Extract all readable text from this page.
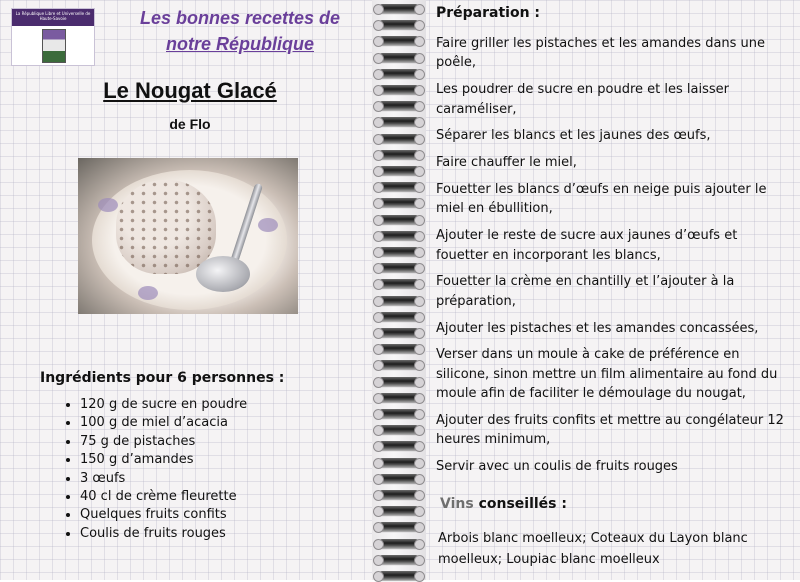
La République Libre et Universelle de Haute-Savoie	Les bonnes recettes de
notre République
Le Nougat Glacé
de Flo
Ingrédients pour 6 personnes :
• 120 g de sucre en poudre
• 100 g de miel d’acacia
• 75 g de pistaches
• 150 g d’amandes
• 3 œufs
• 40 cl de crème fleurette
• Quelques fruits confits
• Coulis de fruits rouges
Préparation :

Faire griller les pistaches et les amandes dans une poêle,

Les poudrer de sucre en poudre et les laisser caraméliser,

Séparer les blancs et les jaunes des œufs,

Faire chauffer le miel,

Fouetter les blancs d’œufs en neige puis ajouter le miel en ébullition,

Ajouter le reste de sucre aux jaunes d’œufs et fouetter en incorporant les blancs,

Fouetter la crème en chantilly et l’ajouter à la préparation,

Ajouter les pistaches et les amandes concassées,

Verser dans un moule à cake de préférence en silicone, sinon mettre un film alimentaire au fond du moule afin de faciliter le démoulage du nougat,

Ajouter des fruits confits et mettre au congélateur 12 heures minimum,

Servir avec un coulis de fruits rouges

Vins conseillés :
Arbois blanc moelleux; Coteaux du Layon blanc moelleux; Loupiac blanc moelleux
